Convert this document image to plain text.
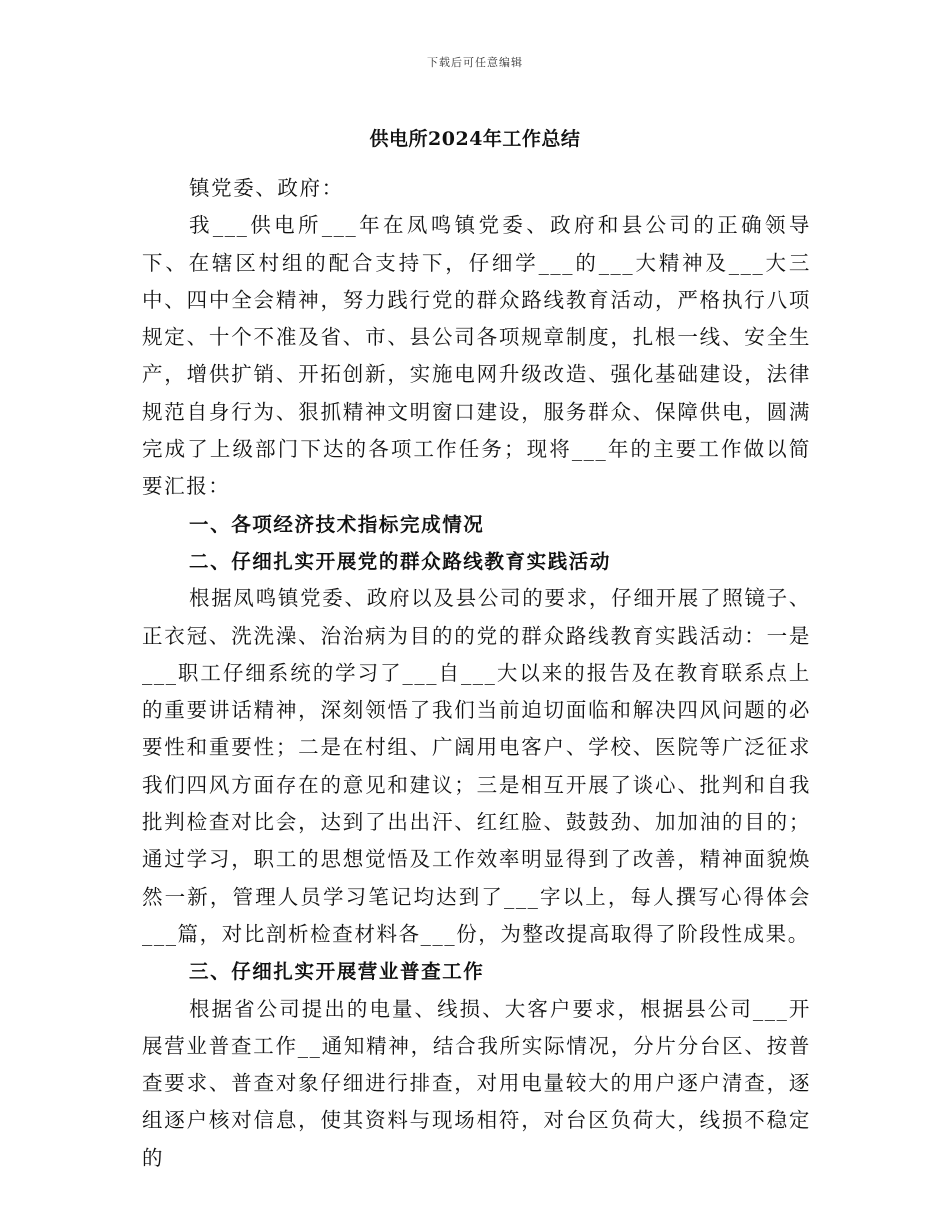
下载后可任意编辑
供电所2024年工作总结

镇党委、政府：

我___供电所___年在凤鸣镇党委、政府和县公司的正确领导下、在辖区村组的配合支持下，仔细学___的___大精神及___大三中、四中全会精神，努力践行党的群众路线教育活动，严格执行八项规定、十个不准及省、市、县公司各项规章制度，扎根一线、安全生产，增供扩销、开拓创新，实施电网升级改造、强化基础建设，法律规范自身行为、狠抓精神文明窗口建设，服务群众、保障供电，圆满完成了上级部门下达的各项工作任务；现将___年的主要工作做以简要汇报：

一、各项经济技术指标完成情况

二、仔细扎实开展党的群众路线教育实践活动

根据凤鸣镇党委、政府以及县公司的要求，仔细开展了照镜子、正衣冠、洗洗澡、治治病为目的的党的群众路线教育实践活动：一是___职工仔细系统的学习了___自___大以来的报告及在教育联系点上的重要讲话精神，深刻领悟了我们当前迫切面临和解决四风问题的必要性和重要性；二是在村组、广阔用电客户、学校、医院等广泛征求我们四风方面存在的意见和建议；三是相互开展了谈心、批判和自我批判检查对比会，达到了出出汗、红红脸、鼓鼓劲、加加油的目的；通过学习，职工的思想觉悟及工作效率明显得到了改善，精神面貌焕然一新，管理人员学习笔记均达到了___字以上，每人撰写心得体会___篇，对比剖析检查材料各___份，为整改提高取得了阶段性成果。

三、仔细扎实开展营业普查工作

根据省公司提出的电量、线损、大客户要求，根据县公司___开展营业普查工作__通知精神，结合我所实际情况，分片分台区、按普查要求、普查对象仔细进行排查，对用电量较大的用户逐户清查，逐组逐户核对信息，使其资料与现场相符，对台区负荷大，线损不稳定的
